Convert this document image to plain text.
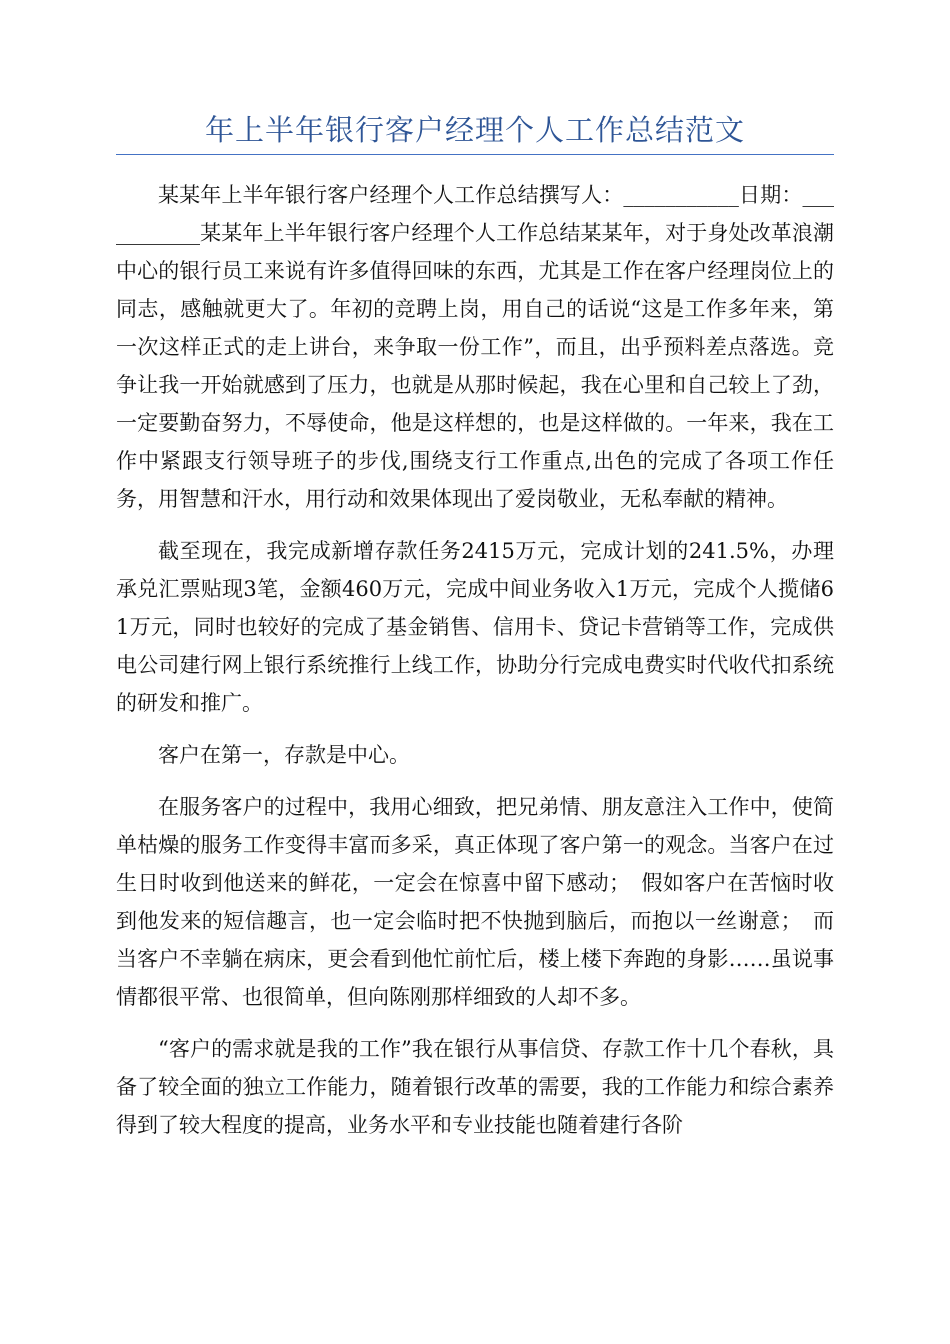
年上半年银行客户经理个人工作总结范文

某某年上半年银行客户经理个人工作总结撰写人：___________日期：___________某某年上半年银行客户经理个人工作总结某某年，对于身处改革浪潮中心的银行员工来说有许多值得回味的东西，尤其是工作在客户经理岗位上的同志，感触就更大了。年初的竞聘上岗，用自己的话说“这是工作多年来，第一次这样正式的走上讲台，来争取一份工作”，而且，出乎预料差点落选。竞争让我一开始就感到了压力，也就是从那时候起，我在心里和自己较上了劲，一定要勤奋努力，不辱使命，他是这样想的，也是这样做的。一年来，我在工作中紧跟支行领导班子的步伐,围绕支行工作重点,出色的完成了各项工作任务，用智慧和汗水，用行动和效果体现出了爱岗敬业，无私奉献的精神。

截至现在，我完成新增存款任务2415万元，完成计划的241.5%，办理承兑汇票贴现3笔，金额460万元，完成中间业务收入1万元，完成个人揽储61万元，同时也较好的完成了基金销售、信用卡、贷记卡营销等工作，完成供电公司建行网上银行系统推行上线工作，协助分行完成电费实时代收代扣系统的研发和推广。

客户在第一，存款是中心。

在服务客户的过程中，我用心细致，把兄弟情、朋友意注入工作中，使简单枯燥的服务工作变得丰富而多采，真正体现了客户第一的观念。当客户在过生日时收到他送来的鲜花，一定会在惊喜中留下感动；　假如客户在苦恼时收到他发来的短信趣言，也一定会临时把不快抛到脑后，而抱以一丝谢意；　而当客户不幸躺在病床，更会看到他忙前忙后，楼上楼下奔跑的身影……虽说事情都很平常、也很简单，但向陈刚那样细致的人却不多。

“客户的需求就是我的工作”我在银行从事信贷、存款工作十几个春秋，具备了较全面的独立工作能力，随着银行改革的需要，我的工作能力和综合素养得到了较大程度的提高，业务水平和专业技能也随着建行各阶
